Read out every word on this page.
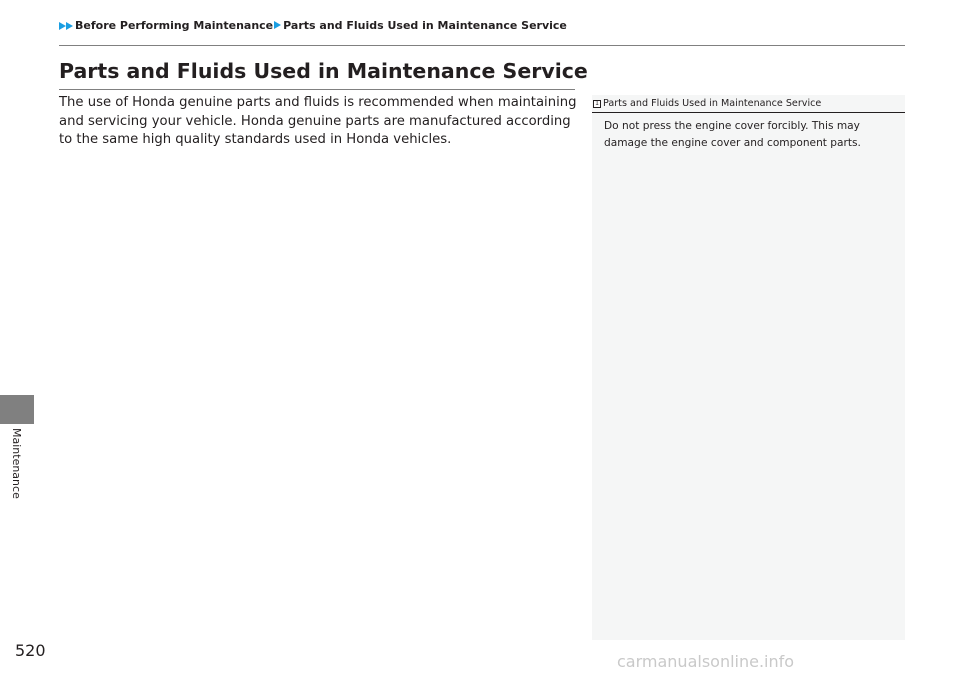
Before Performing Maintenance Parts and Fluids Used in Maintenance Service
Parts and Fluids Used in Maintenance Service

The use of Honda genuine parts and fluids is recommended when maintaining and servicing your vehicle. Honda genuine parts are manufactured according to the same high quality standards used in Honda vehicles.

1 Parts and Fluids Used in Maintenance Service

Do not press the engine cover forcibly. This may damage the engine cover and component parts.

Maintenance
520
carmanualsonline.info
